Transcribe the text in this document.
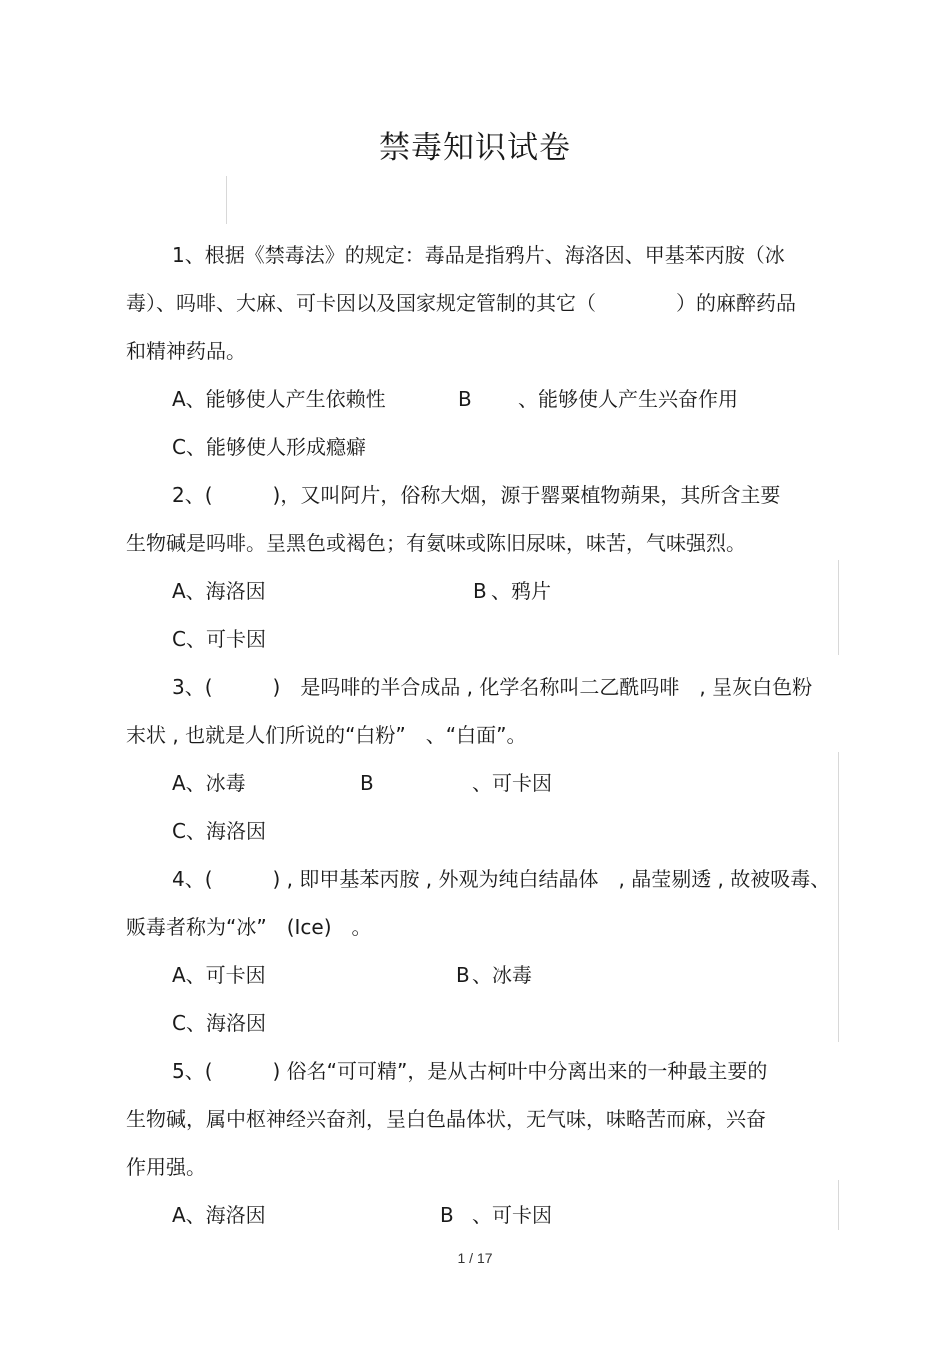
禁毒知识试卷
1、根据《禁毒法》的规定：毒品是指鸦片、海洛因、甲基苯丙胺（冰
毒）、吗啡、大麻、可卡因以及国家规定管制的其它（　　　　）的麻醉药品
和精神药品。
A、能够使人产生依赖性	B 、能够使人产生兴奋作用
C、能够使人形成瘾癖
2、(　　　)，又叫阿片，俗称大烟，源于罂粟植物蒴果，其所含主要
生物碱是吗啡。呈黑色或褐色；有氨味或陈旧尿味，味苦，气味强烈。
A、海洛因	B 、鸦片
C、可卡因
3、(　　　)　是吗啡的半合成品 , 化学名称叫二乙酰吗啡　, 呈灰白色粉
末状 , 也就是人们所说的“白粉”　、“白面”。
A、冰毒	B	、可卡因
C、海洛因
4、(　　　) , 即甲基苯丙胺 , 外观为纯白结晶体　, 晶莹剔透 , 故被吸毒、
贩毒者称为“冰”　(Ice)　。
A、可卡因	B 、冰毒
C、海洛因
5、(　　　) 俗名“可可精”，是从古柯叶中分离出来的一种最主要的
生物碱，属中枢神经兴奋剂，呈白色晶体状，无气味，味略苦而麻，兴奋
作用强。
A、海洛因	B 、可卡因
1 / 17
